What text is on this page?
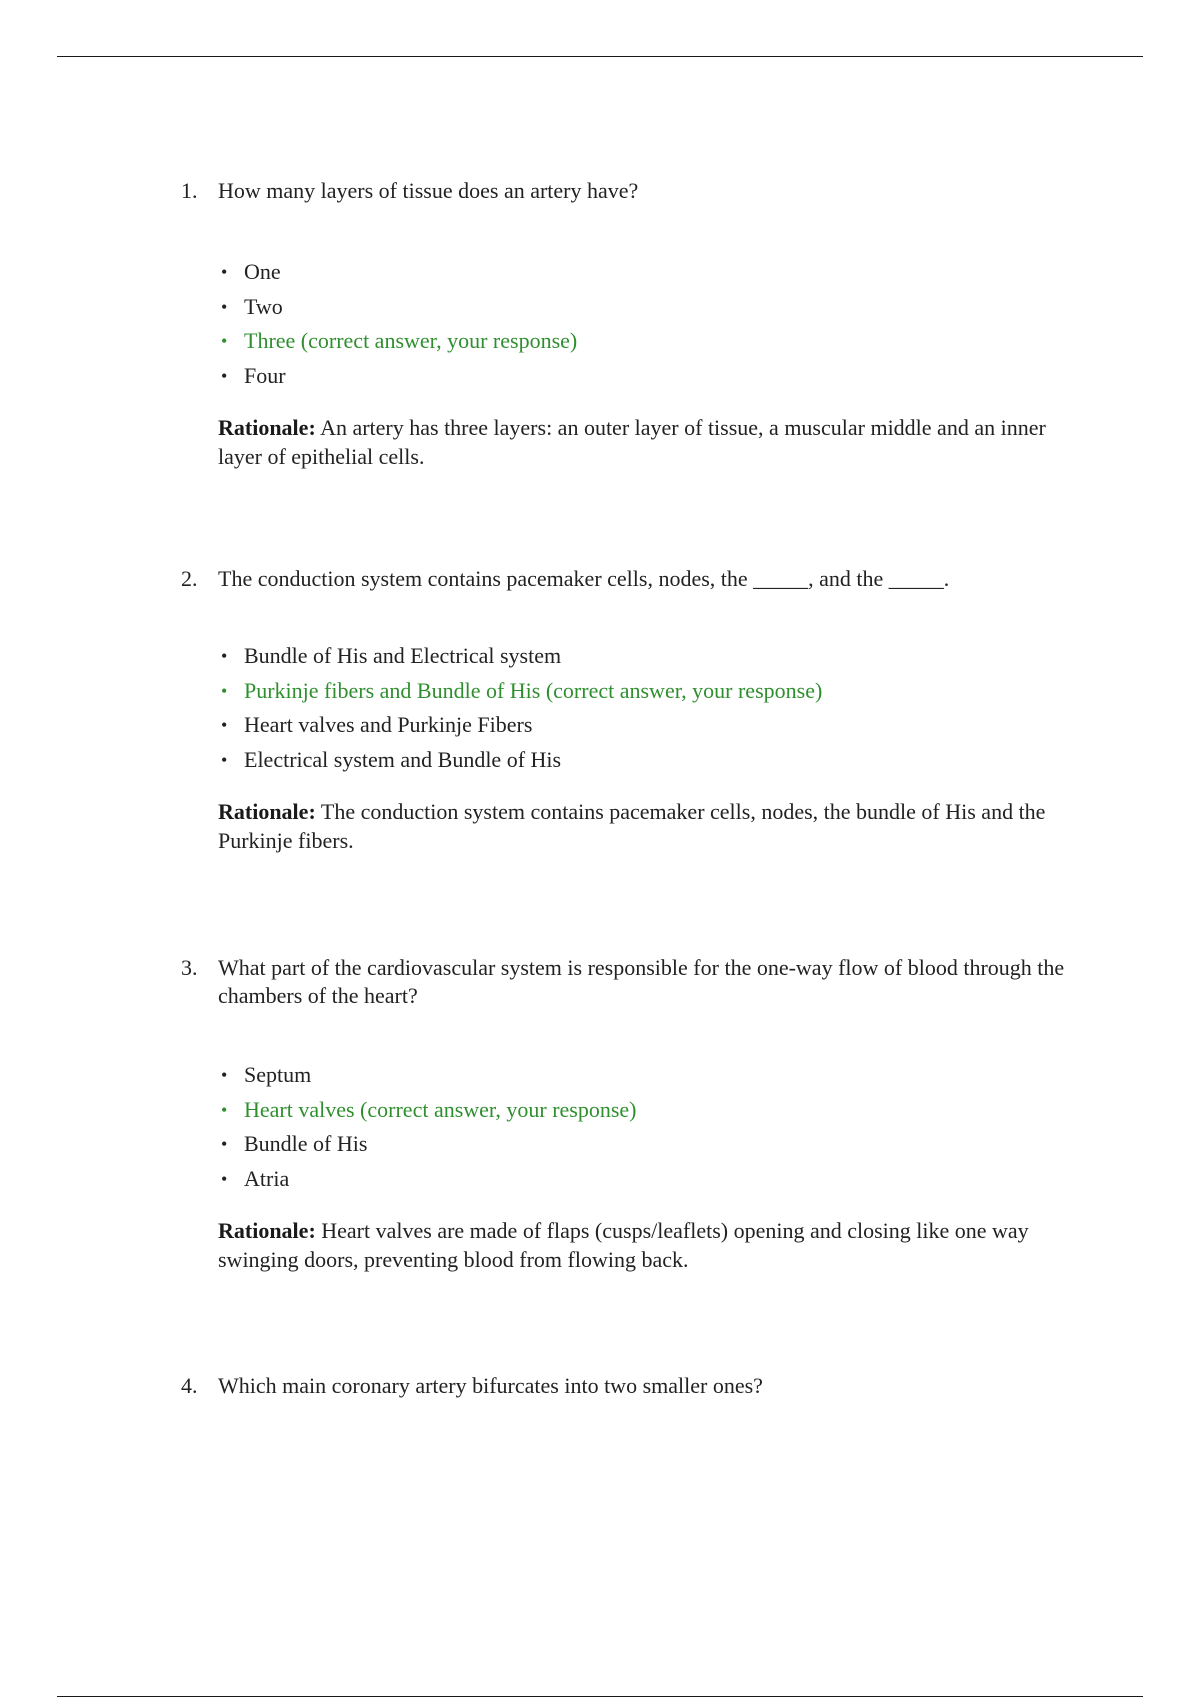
1. How many layers of tissue does an artery have?
• One
• Two
• Three (correct answer, your response)
• Four
Rationale: An artery has three layers: an outer layer of tissue, a muscular middle and an inner layer of epithelial cells.
2. The conduction system contains pacemaker cells, nodes, the _____, and the _____.
• Bundle of His and Electrical system
• Purkinje fibers and Bundle of His (correct answer, your response)
• Heart valves and Purkinje Fibers
• Electrical system and Bundle of His
Rationale: The conduction system contains pacemaker cells, nodes, the bundle of His and the Purkinje fibers.
3. What part of the cardiovascular system is responsible for the one-way flow of blood through the chambers of the heart?
• Septum
• Heart valves (correct answer, your response)
• Bundle of His
• Atria
Rationale: Heart valves are made of flaps (cusps/leaflets) opening and closing like one way swinging doors, preventing blood from flowing back.
4. Which main coronary artery bifurcates into two smaller ones?
